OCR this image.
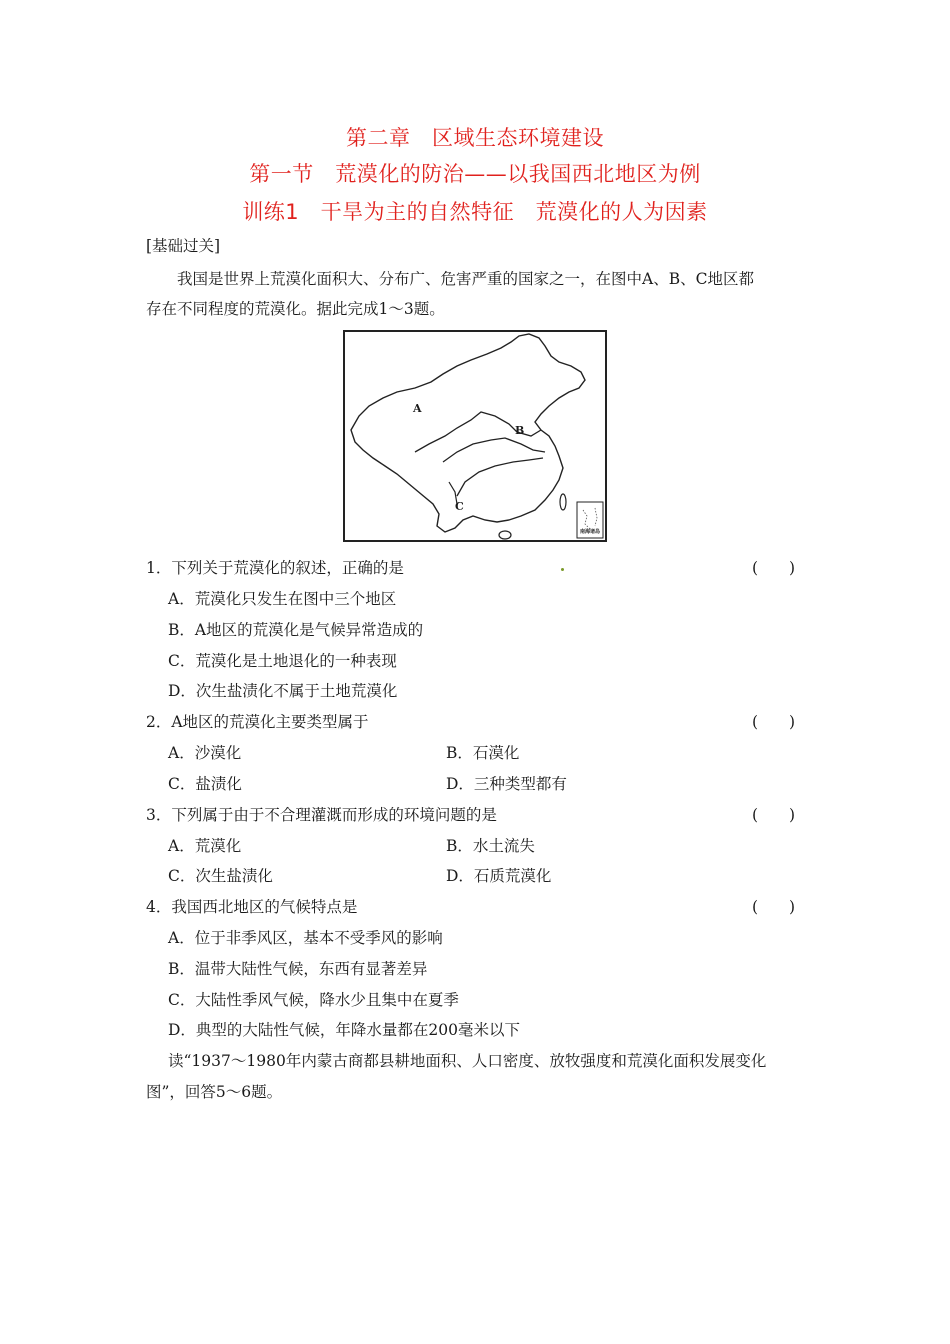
第二章　区域生态环境建设
第一节　荒漠化的防治——以我国西北地区为例
训练1　干旱为主的自然特征　荒漠化的人为因素
[基础过关]
我国是世界上荒漠化面积大、分布广、危害严重的国家之一，在图中A、B、C地区都
存在不同程度的荒漠化。据此完成1～3题。
A
B
C
南海诸岛
1．下列关于荒漠化的叙述，正确的是	(　　)
A．荒漠化只发生在图中三个地区
B．A地区的荒漠化是气候异常造成的
C．荒漠化是土地退化的一种表现
D．次生盐渍化不属于土地荒漠化
2．A地区的荒漠化主要类型属于	(　　)
A．沙漠化	B．石漠化
C．盐渍化	D．三种类型都有
3．下列属于由于不合理灌溉而形成的环境问题的是	(　　)
A．荒漠化	B．水土流失
C．次生盐渍化	D．石质荒漠化
4．我国西北地区的气候特点是	(　　)
A．位于非季风区，基本不受季风的影响
B．温带大陆性气候，东西有显著差异
C．大陆性季风气候，降水少且集中在夏季
D．典型的大陆性气候，年降水量都在200毫米以下
读“1937～1980年内蒙古商都县耕地面积、人口密度、放牧强度和荒漠化面积发展变化
图”，回答5～6题。
